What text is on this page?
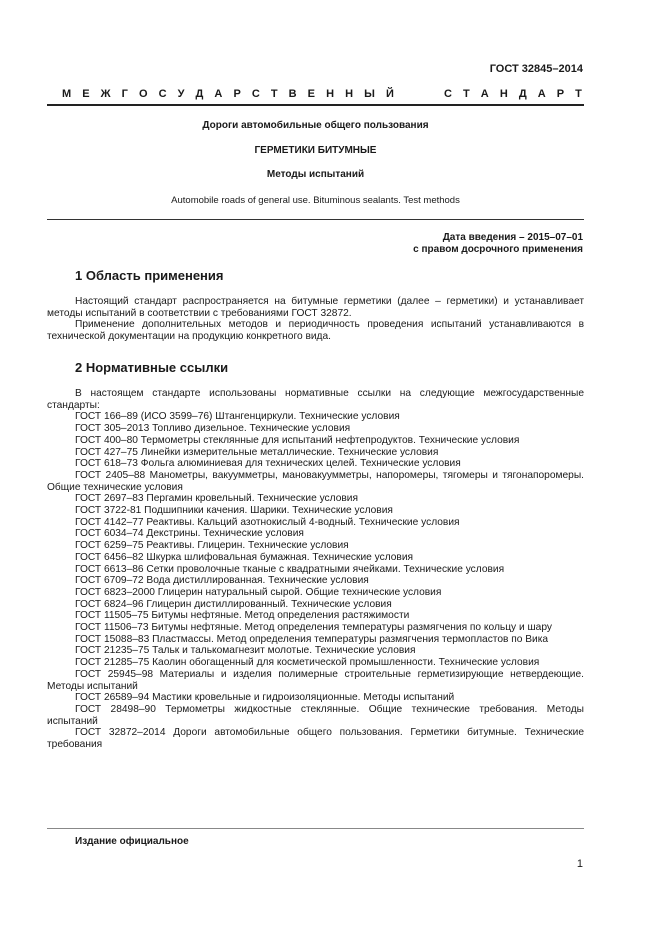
ГОСТ 32845–2014
М Е Ж Г О С У Д А Р С Т В Е Н Н Ы Й	С Т А Н Д А Р Т
Дороги автомобильные общего пользования
ГЕРМЕТИКИ БИТУМНЫЕ
Методы испытаний
Automobile roads of general use. Bituminous sealants. Test methods
Дата введения – 2015–07–01
с правом досрочного применения
1 Область применения

Настоящий стандарт распространяется на битумные герметики (далее – герметики) и устанавливает методы испытаний в соответствии с требованиями ГОСТ 32872.

Применение дополнительных методов и периодичность проведения испытаний устанавливаются в технической документации на продукцию конкретного вида.

2 Нормативные ссылки

В настоящем стандарте использованы нормативные ссылки на следующие межгосударственные стандарты:

ГОСТ 166–89 (ИСО 3599–76) Штангенциркули. Технические условия

ГОСТ 305–2013 Топливо дизельное. Технические условия

ГОСТ 400–80 Термометры стеклянные для испытаний нефтепродуктов. Технические условия

ГОСТ 427–75 Линейки измерительные металлические. Технические условия

ГОСТ 618–73 Фольга алюминиевая для технических целей. Технические условия

ГОСТ 2405–88 Манометры, вакуумметры, мановакуумметры, напоромеры, тягомеры и тягонапоромеры. Общие технические условия

ГОСТ 2697–83 Пергамин кровельный. Технические условия

ГОСТ 3722-81 Подшипники качения. Шарики. Технические условия

ГОСТ 4142–77 Реактивы. Кальций азотнокислый 4-водный. Технические условия

ГОСТ 6034–74 Декстрины. Технические условия

ГОСТ 6259–75 Реактивы. Глицерин. Технические условия

ГОСТ 6456–82 Шкурка шлифовальная бумажная. Технические условия

ГОСТ 6613–86 Сетки проволочные тканые с квадратными ячейками. Технические условия

ГОСТ 6709–72 Вода дистиллированная. Технические условия

ГОСТ 6823–2000 Глицерин натуральный сырой. Общие технические условия

ГОСТ 6824–96 Глицерин дистиллированный. Технические условия

ГОСТ 11505–75 Битумы нефтяные. Метод определения растяжимости

ГОСТ 11506–73 Битумы нефтяные. Метод определения температуры размягчения по кольцу и шару

ГОСТ 15088–83 Пластмассы. Метод определения температуры размягчения термопластов по Вика

ГОСТ 21235–75 Тальк и талькомагнезит молотые. Технические условия

ГОСТ 21285–75 Каолин обогащенный для косметической промышленности. Технические условия

ГОСТ 25945–98 Материалы и изделия полимерные строительные герметизирующие нетвердеющие. Методы испытаний

ГОСТ 26589–94 Мастики кровельные и гидроизоляционные. Методы испытаний

ГОСТ 28498–90 Термометры жидкостные стеклянные. Общие технические требования. Методы испытаний

ГОСТ 32872–2014 Дороги автомобильные общего пользования. Герметики битумные. Технические требования

Издание официальное
1
